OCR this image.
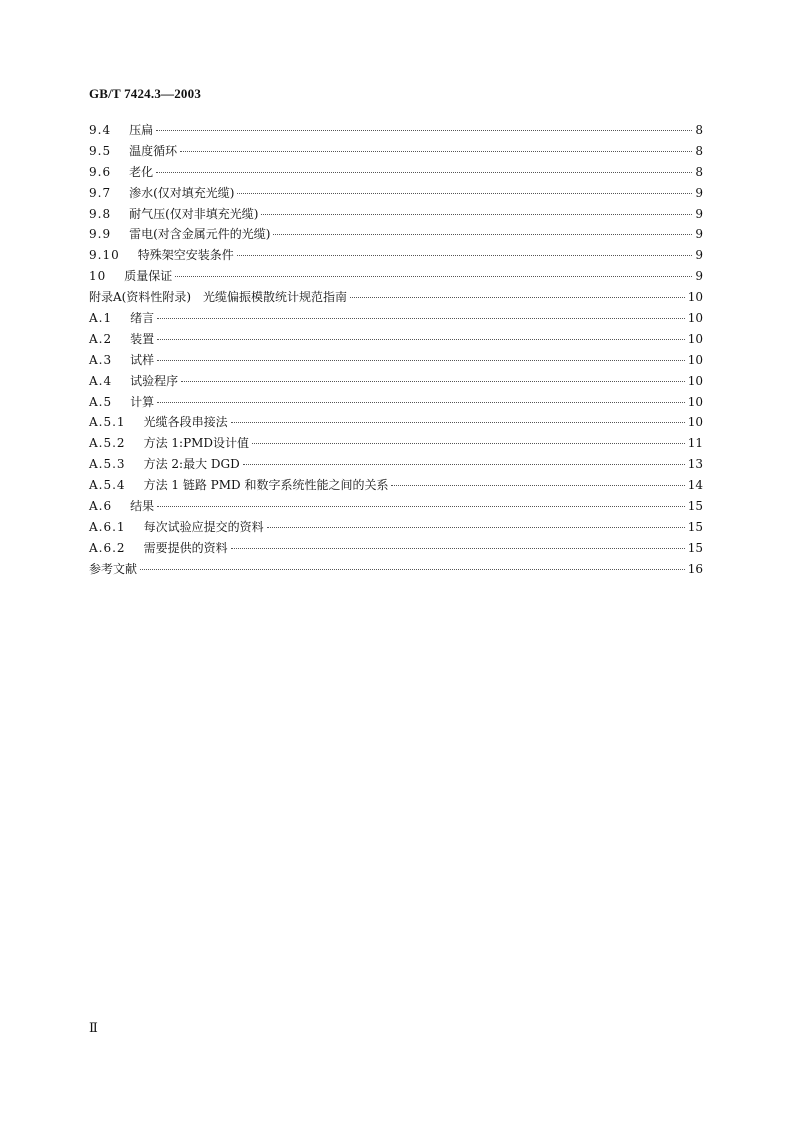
GB/T 7424.3—2003
9.4 压扁	8
9.5 温度循环	8
9.6 老化	8
9.7 渗水(仅对填充光缆)	9
9.8 耐气压(仅对非填充光缆)	9
9.9 雷电(对含金属元件的光缆)	9
9.10 特殊架空安装条件	9
10 质量保证	9
附录A(资料性附录) 光缆偏振模散统计规范指南	10
A.1 绪言	10
A.2 装置	10
A.3 试样	10
A.4 试验程序	10
A.5 计算	10
A.5.1 光缆各段串接法	10
A.5.2 方法 1:PMD设计值	11
A.5.3 方法 2:最大 DGD	13
A.5.4 方法 1 链路 PMD 和数字系统性能之间的关系	14
A.6 结果	15
A.6.1 每次试验应提交的资料	15
A.6.2 需要提供的资料	15
参考文献	16
Ⅱ
